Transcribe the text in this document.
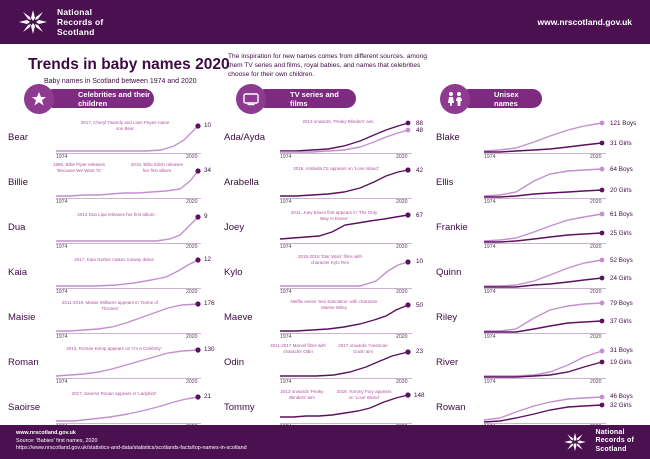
National
Records of
Scotland
www.nrscotland.gov.uk
Trends in baby names 2020
Baby names in Scotland between 1974 and 2020
The inspiration for new names comes from different sources, among them TV series and films, royal babies, and names that celebrities choose for their own children.
Celebrities and their children
TV series and films
Unisex names
Bear
2017, Cheryl Tweedy and Liam Payne name son Bear	10
1974	2020
Billie
1996, Billie Piper releases 'Because We Want To'
2019, Billie Eilish releases her first album	34
1974	2020
Dua
2014 Dua Lipa releases her first album	9
1974	2020
Kaia
2017, Kaia Gerber makes runway debut	12
1974	2020
Maisie
2011-2019, Maisie Williams appears in 'Game of Thrones'
176
1974	2020
Roman
2013, Roman Kemp appears on 'I'm a Celebrity'	130
1974	2020
Saoirse
2017, Saoirse Ronan appears in 'Ladybird'	21
Ada/Ayda
2013 onwards, 'Peaky Blinders' airs	88
48
1974	2020
Arabella
2016, Arabella Oz appears on 'Love Island'	42
1974	2020
Joey
2011, Joey Essex first appears in 'The Only Way Is Essex'	67
1974	2020
Kylo
2015-2019 'Star Wars' films with character Kylo Ren	10
1974	2020
Maeve
Netflix series 'Sex Education' with character Maeve Wiley	50
1974	2020
Odin
2011-2017 Marvel films with character Odin
2017 onwards 'American Gods' airs	23
1974	2020
Tommy
2013 onwards 'Peaky Blinders' airs
2019, Tommy Fury appears on 'Love Island'	148
Blake
121 Boys
31 Girls
1974	2020
Ellis
64 Boys
20 Girls
1974	2020
Frankie
61 Boys
25 Girls
1974	2020
Quinn
52 Boys
24 Girls
1974	2020
Riley
79 Boys
37 Girls
1974	2020
River
31 Boys
19 Girls
1974	2020
Rowan
46 Boys
32 Girls
www.nrscotland.gov.uk
Source: 'Babies' first names, 2020
https://www.nrscotland.gov.uk/statistics-and-data/statistics/scotlands-facts/top-names-in-scotland
National
Records of
Scotland
